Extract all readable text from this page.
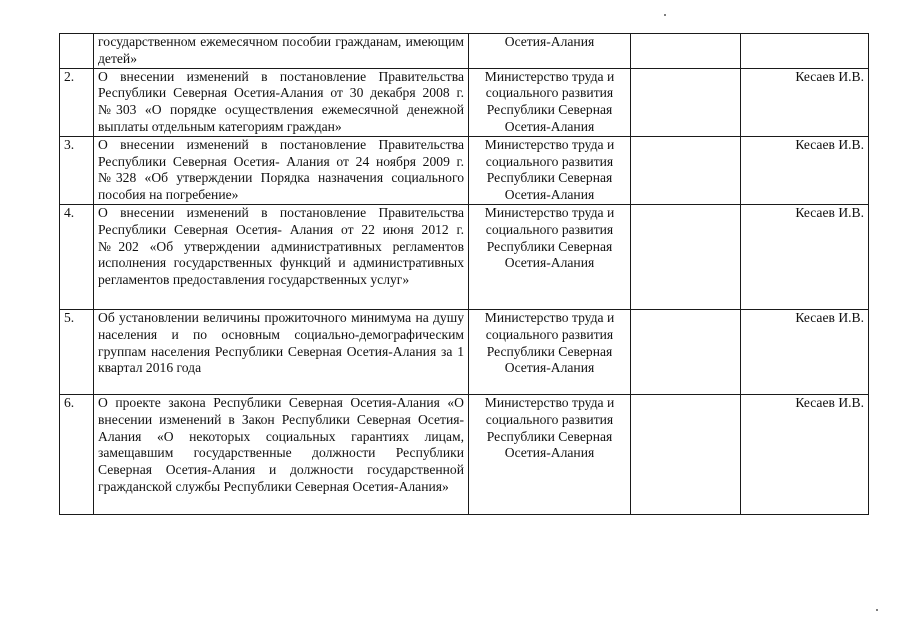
	государственном ежемесячном пособии гражданам, имеющим детей»	Осетия-Алания		
2.	О внесении изменений в постановление Правительства Республики Северная Осетия-Алания от 30 декабря 2008 г. №303 «О порядке осуществления ежемесячной денежной выплаты отдельным категориям граждан»	Министерство труда и социального развития Республики Северная Осетия-Алания		Кесаев И.В.
3.	О внесении изменений в постановление Правительства Республики Северная Осетия- Алания от 24 ноября 2009 г. №328 «Об утверждении Порядка назначения социального пособия на погребение»	Министерство труда и социального развития Республики Северная Осетия-Алания		Кесаев И.В.
4.	О внесении изменений в постановление Правительства Республики Северная Осетия- Алания от 22 июня 2012 г. №202 «Об утверждении административных регламентов исполнения государственных функций и административных регламентов предоставления государственных услуг»	Министерство труда и социального развития Республики Северная Осетия-Алания		Кесаев И.В.
5.	Об установлении величины прожиточного минимума на душу населения и по основным социально-демографическим группам населения Республики Северная Осетия-Алания за 1 квартал 2016 года	Министерство труда и социального развития Республики Северная Осетия-Алания		Кесаев И.В.
6.	О проекте закона Республики Северная Осетия-Алания «О внесении изменений в Закон Республики Северная Осетия-Алания «О некоторых социальных гарантиях лицам, замещавшим государственные должности Республики Северная Осетия-Алания и должности государственной гражданской службы Республики Северная Осетия-Алания»	Министерство труда и социального развития Республики Северная Осетия-Алания		Кесаев И.В.
